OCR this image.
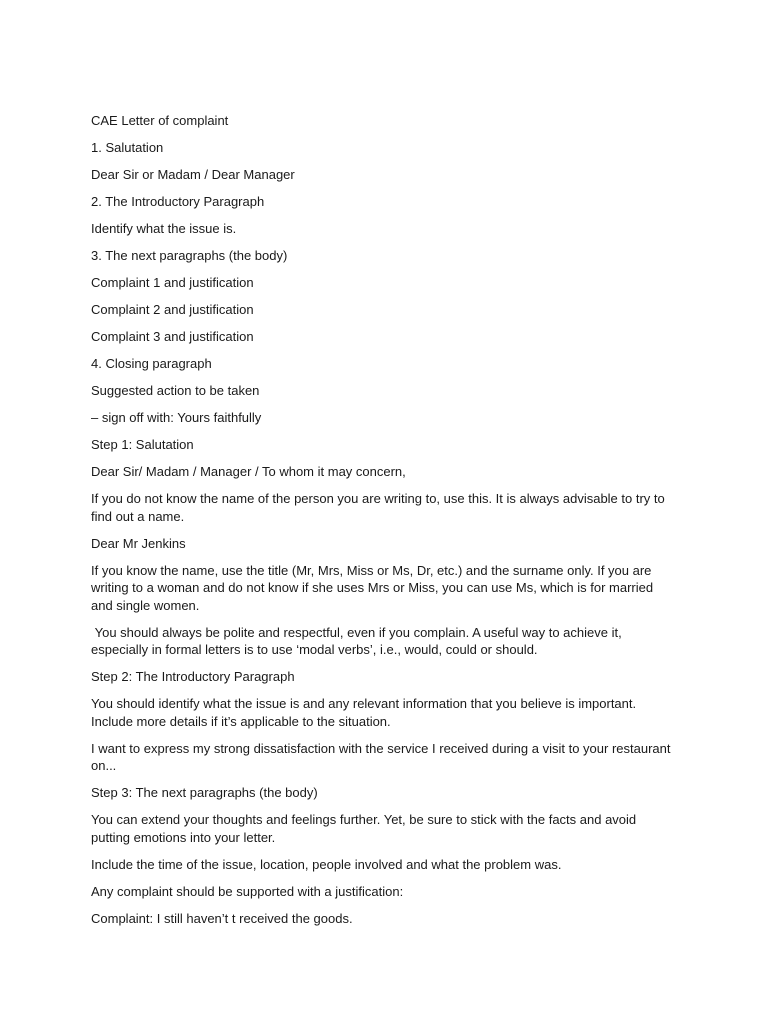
CAE Letter of complaint

1. Salutation

Dear Sir or Madam / Dear Manager

2. The Introductory Paragraph

Identify what the issue is.

3. The next paragraphs (the body)

Complaint 1 and justification

Complaint 2 and justification

Complaint 3 and justification

4. Closing paragraph

Suggested action to be taken

– sign off with: Yours faithfully

Step 1: Salutation

Dear Sir/ Madam / Manager / To whom it may concern,

If you do not know the name of the person you are writing to, use this. It is always advisable to try to find out a name.

Dear Mr Jenkins

If you know the name, use the title (Mr, Mrs, Miss or Ms, Dr, etc.) and the surname only. If you are writing to a woman and do not know if she uses Mrs or Miss, you can use Ms, which is for married and single women.

You should always be polite and respectful, even if you complain. A useful way to achieve it, especially in formal letters is to use ‘modal verbs’, i.e., would, could or should.

Step 2: The Introductory Paragraph

You should identify what the issue is and any relevant information that you believe is important. Include more details if it’s applicable to the situation.

I want to express my strong dissatisfaction with the service I received during a visit to your restaurant on...

Step 3: The next paragraphs (the body)

You can extend your thoughts and feelings further. Yet, be sure to stick with the facts and avoid putting emotions into your letter.

Include the time of the issue, location, people involved and what the problem was.

Any complaint should be supported with a justification:

Complaint: I still haven’t t received the goods.
